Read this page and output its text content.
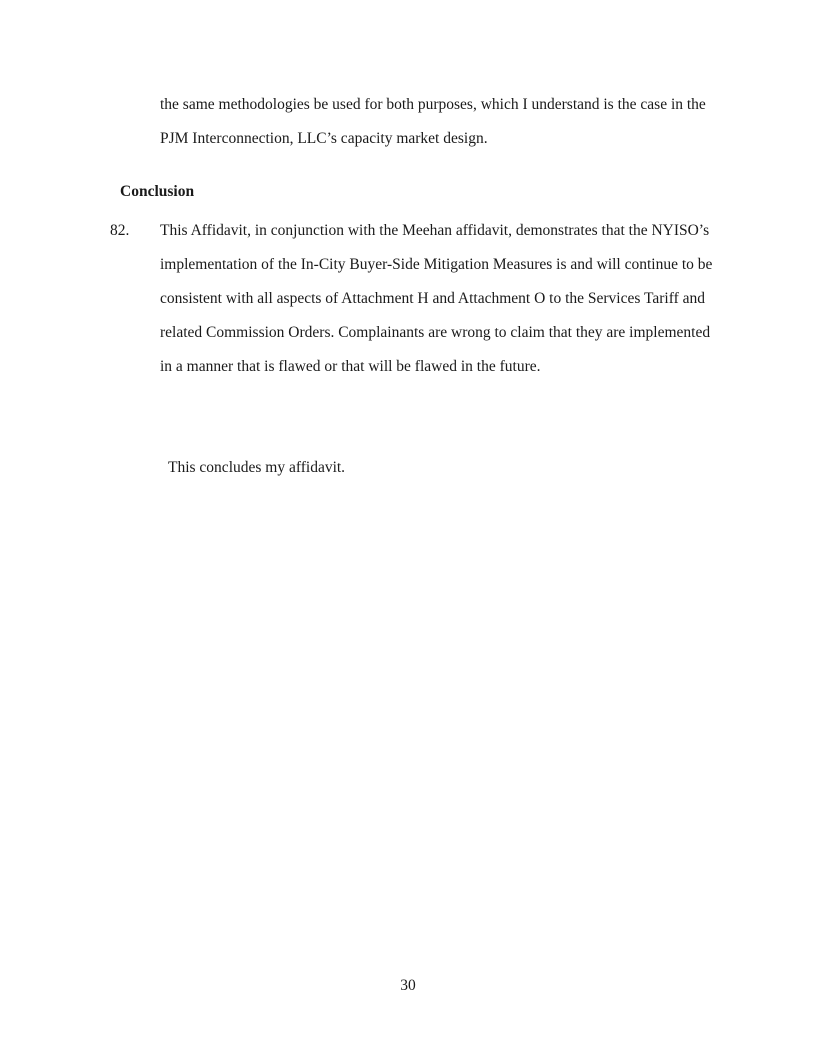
the same methodologies be used for both purposes, which I understand is the case in the PJM Interconnection, LLC’s capacity market design.

Conclusion
82.	This Affidavit, in conjunction with the Meehan affidavit, demonstrates that the NYISO’s implementation of the In-City Buyer-Side Mitigation Measures is and will continue to be consistent with all aspects of Attachment H and Attachment O to the Services Tariff and related Commission Orders. Complainants are wrong to claim that they are implemented in a manner that is flawed or that will be flawed in the future.

This concludes my affidavit.
30
